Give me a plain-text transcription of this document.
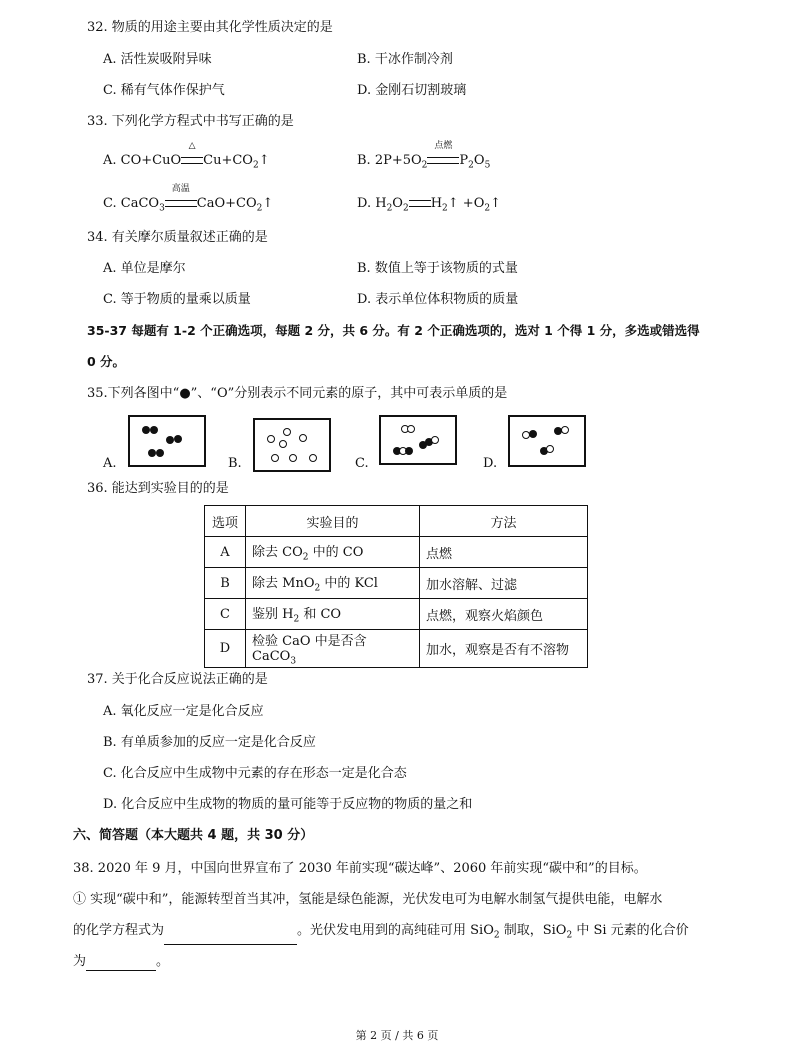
32. 物质的用途主要由其化学性质决定的是
A. 活性炭吸附异味	B. 干冰作制冷剂
C. 稀有气体作保护气	D. 金刚石切割玻璃
33. 下列化学方程式中书写正确的是
A. CO+CuO
△
$Cu+CO_2↑$	B. $2P+5O_2$
点燃
$P_2O_5$
C. CaCO$_3$
高温
$CaO+CO_2↑$	D. $H_2O_2$ $H_2↑$ $+O_2↑$
34. 有关摩尔质量叙述正确的是
A. 单位是摩尔	B. 数值上等于该物质的式量
C. 等于物质的量乘以质量	D. 表示单位体积物质的质量
35-37 每题有 1-2 个正确选项，每题 2 分，共 6 分。有 2 个正确选项的，选对 1 个得 1 分，多选或错选得
0 分。
35.下列各图中“●”、“O”分别表示不同元素的原子，其中可表示单质的是
A.	B.	C.	D.
36. 能达到实验目的的是
选项	实验目的	方法
A	除去 $CO_2$ 中的 CO	点燃
B	除去 MnO$_2$ 中的 KCl	加水溶解、过滤
C	鉴别 $H_2$ 和 CO	点燃，观察火焰颜色
D	检验 CaO 中是否含 CaCO$_3$	加水，观察是否有不溶物
37. 关于化合反应说法正确的是
A. 氧化反应一定是化合反应
B. 有单质参加的反应一定是化合反应
C. 化合反应中生成物中元素的存在形态一定是化合态
D. 化合反应中生成物的物质的量可能等于反应物的物质的量之和
六、简答题（本大题共 4 题，共 30 分）
38. 2020 年 9 月，中国向世界宣布了 2030 年前实现“碳达峰”、2060 年前实现“碳中和”的目标。
① 实现“碳中和”，能源转型首当其冲，氢能是绿色能源，光伏发电可为电解水制氢气提供电能，电解水
的化学方程式为	。光伏发电用到的高纯硅可用 SiO$_2$ 制取，SiO$_2$ 中 Si 元素的化合价
为	。
第 2 页 / 共 6 页
